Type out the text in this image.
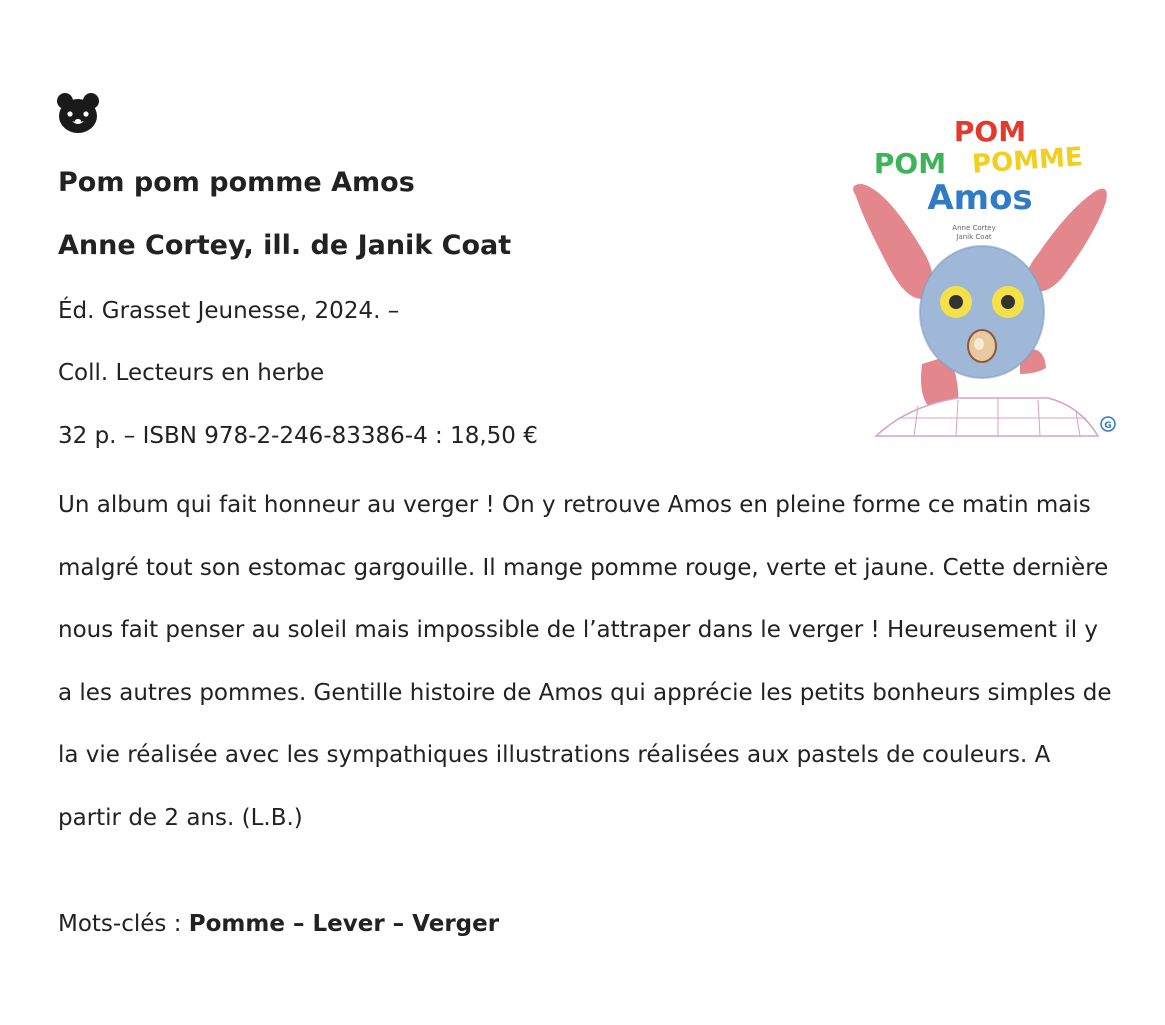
Pom pom pomme Amos
Anne Cortey, ill. de Janik Coat
Éd. Grasset Jeunesse, 2024. –
Coll. Lecteurs en herbe
32 p. – ISBN 978-2-246-83386-4 : 18,50 €

Un album qui fait honneur au verger ! On y retrouve Amos en pleine forme ce matin mais malgré tout son estomac gargouille. Il mange pomme rouge, verte et jaune. Cette dernière nous fait penser au soleil mais impossible de l’attraper dans le verger ! Heureusement il y a les autres pommes. Gentille histoire de Amos qui apprécie les petits bonheurs simples de la vie réalisée avec les sympathiques illustrations réalisées aux pastels de couleurs. A partir de 2 ans. (L.B.)

Mots-clés : Pomme – Lever – Verger
POM
POM POMME
Amos
Anne Cortey
Janik Coat
G
